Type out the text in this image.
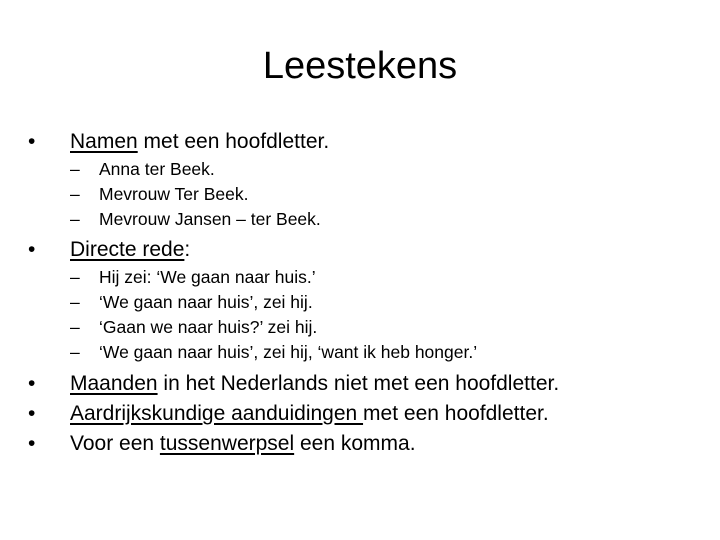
Leestekens
• Namen met een hoofdletter.
– Anna ter Beek.
– Mevrouw Ter Beek.
– Mevrouw Jansen – ter Beek.
• Directe rede:
– Hij zei: ‘We gaan naar huis.’
– ‘We gaan naar huis’, zei hij.
– ‘Gaan we naar huis?’ zei hij.
– ‘We gaan naar huis’, zei hij, ‘want ik heb honger.’
• Maanden in het Nederlands niet met een hoofdletter.
• Aardrijkskundige aanduidingen met een hoofdletter.
• Voor een tussenwerpsel een komma.
